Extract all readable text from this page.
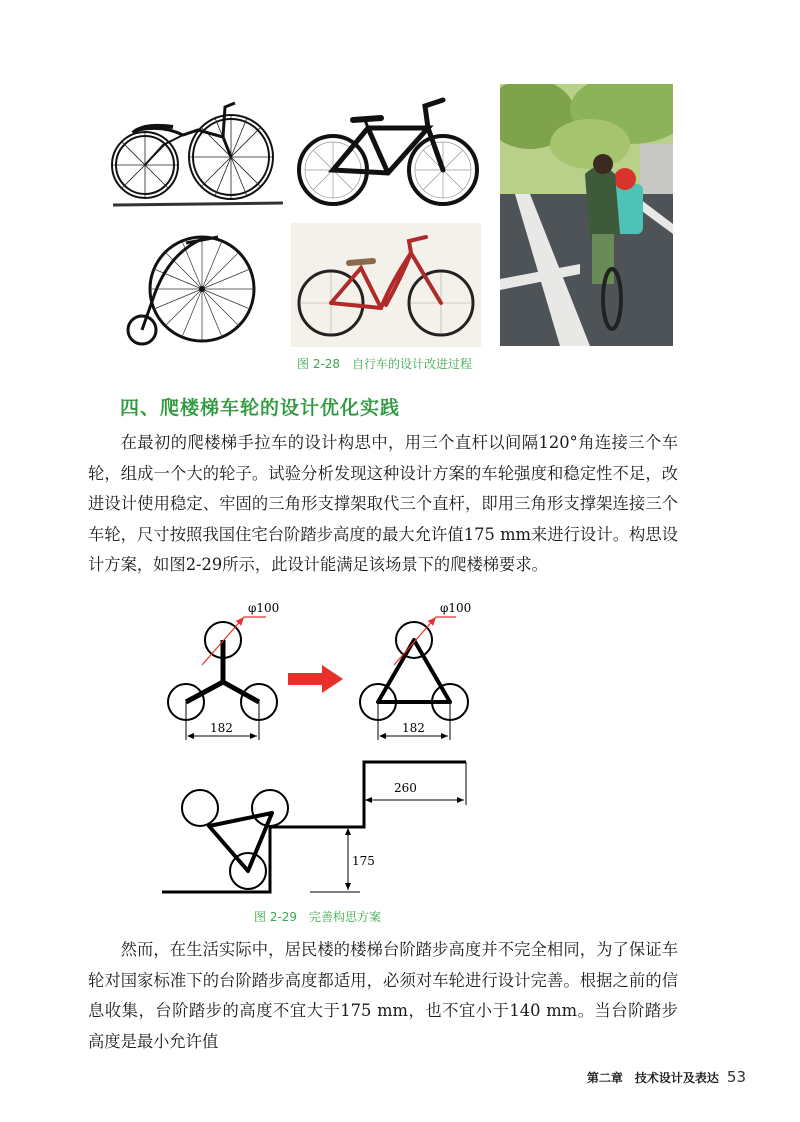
图 2-28　自行车的设计改进过程
四、爬楼梯车轮的设计优化实践

在最初的爬楼梯手拉车的设计构思中，用三个直杆以间隔120°角连接三个车轮，组成一个大的轮子。试验分析发现这种设计方案的车轮强度和稳定性不足，改进设计使用稳定、牢固的三角形支撑架取代三个直杆，即用三角形支撑架连接三个车轮，尺寸按照我国住宅台阶踏步高度的最大允许值175 mm来进行设计。构思设计方案，如图2-29所示，此设计能满足该场景下的爬楼梯要求。

φ100
182
φ100
182
260
175
图 2-29　完善构思方案

然而，在生活实际中，居民楼的楼梯台阶踏步高度并不完全相同，为了保证车轮对国家标准下的台阶踏步高度都适用，必须对车轮进行设计完善。根据之前的信息收集，台阶踏步的高度不宜大于175 mm，也不宜小于140 mm。当台阶踏步高度是最小允许值

第二章　技术设计及表达 53
